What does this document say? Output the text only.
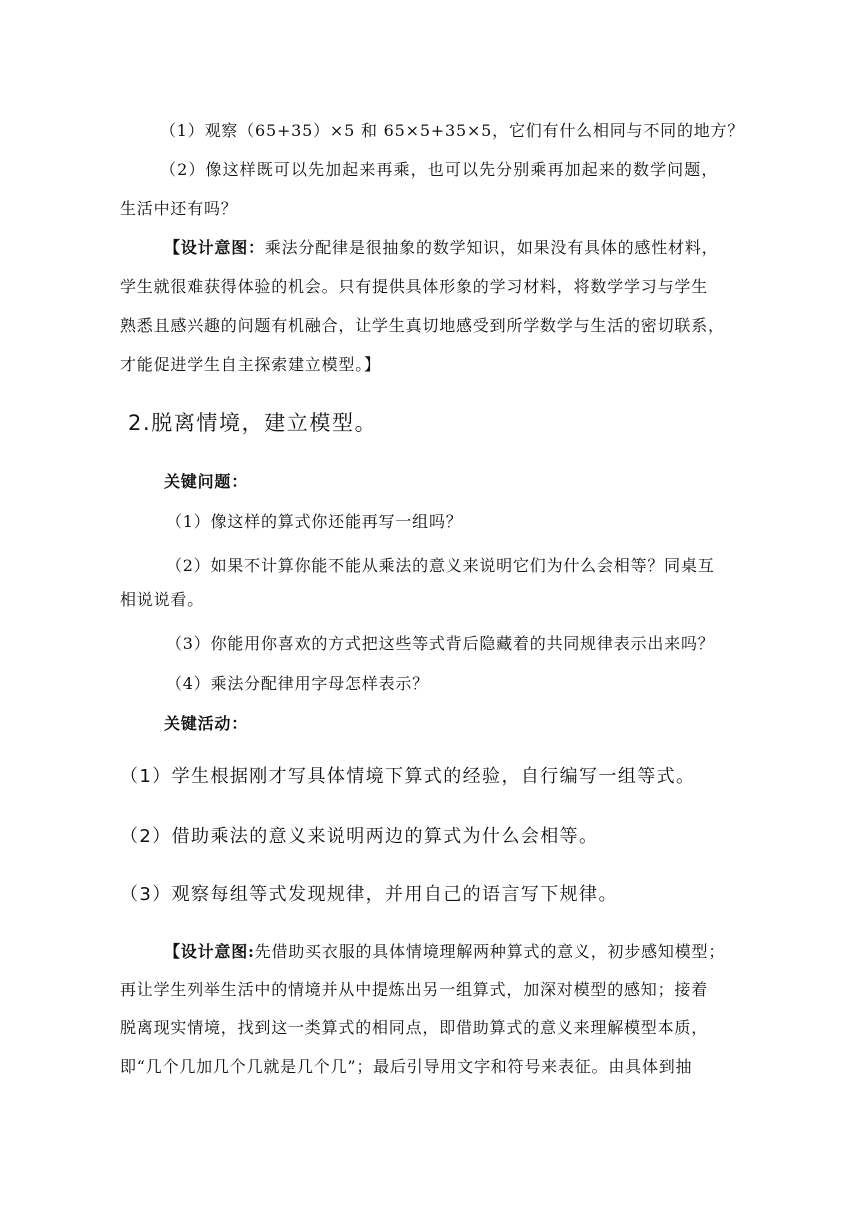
（1）观察（65+35）×5 和 65×5+35×5，它们有什么相同与不同的地方？
（2）像这样既可以先加起来再乘，也可以先分别乘再加起来的数学问题，
生活中还有吗？
【设计意图：乘法分配律是很抽象的数学知识，如果没有具体的感性材料，
学生就很难获得体验的机会。只有提供具体形象的学习材料，将数学学习与学生
熟悉且感兴趣的问题有机融合，让学生真切地感受到所学数学与生活的密切联系，
才能促进学生自主探索建立模型。】
2.脱离情境，建立模型。
关键问题：
（1）像这样的算式你还能再写一组吗？
（2）如果不计算你能不能从乘法的意义来说明它们为什么会相等？同桌互
相说说看。
（3）你能用你喜欢的方式把这些等式背后隐藏着的共同规律表示出来吗？
（4）乘法分配律用字母怎样表示？
关键活动：
（1）学生根据刚才写具体情境下算式的经验，自行编写一组等式。
（2）借助乘法的意义来说明两边的算式为什么会相等。
（3）观察每组等式发现规律，并用自己的语言写下规律。
【设计意图:先借助买衣服的具体情境理解两种算式的意义，初步感知模型；
再让学生列举生活中的情境并从中提炼出另一组算式，加深对模型的感知；接着
脱离现实情境，找到这一类算式的相同点，即借助算式的意义来理解模型本质，
即“几个几加几个几就是几个几”；最后引导用文字和符号来表征。由具体到抽
